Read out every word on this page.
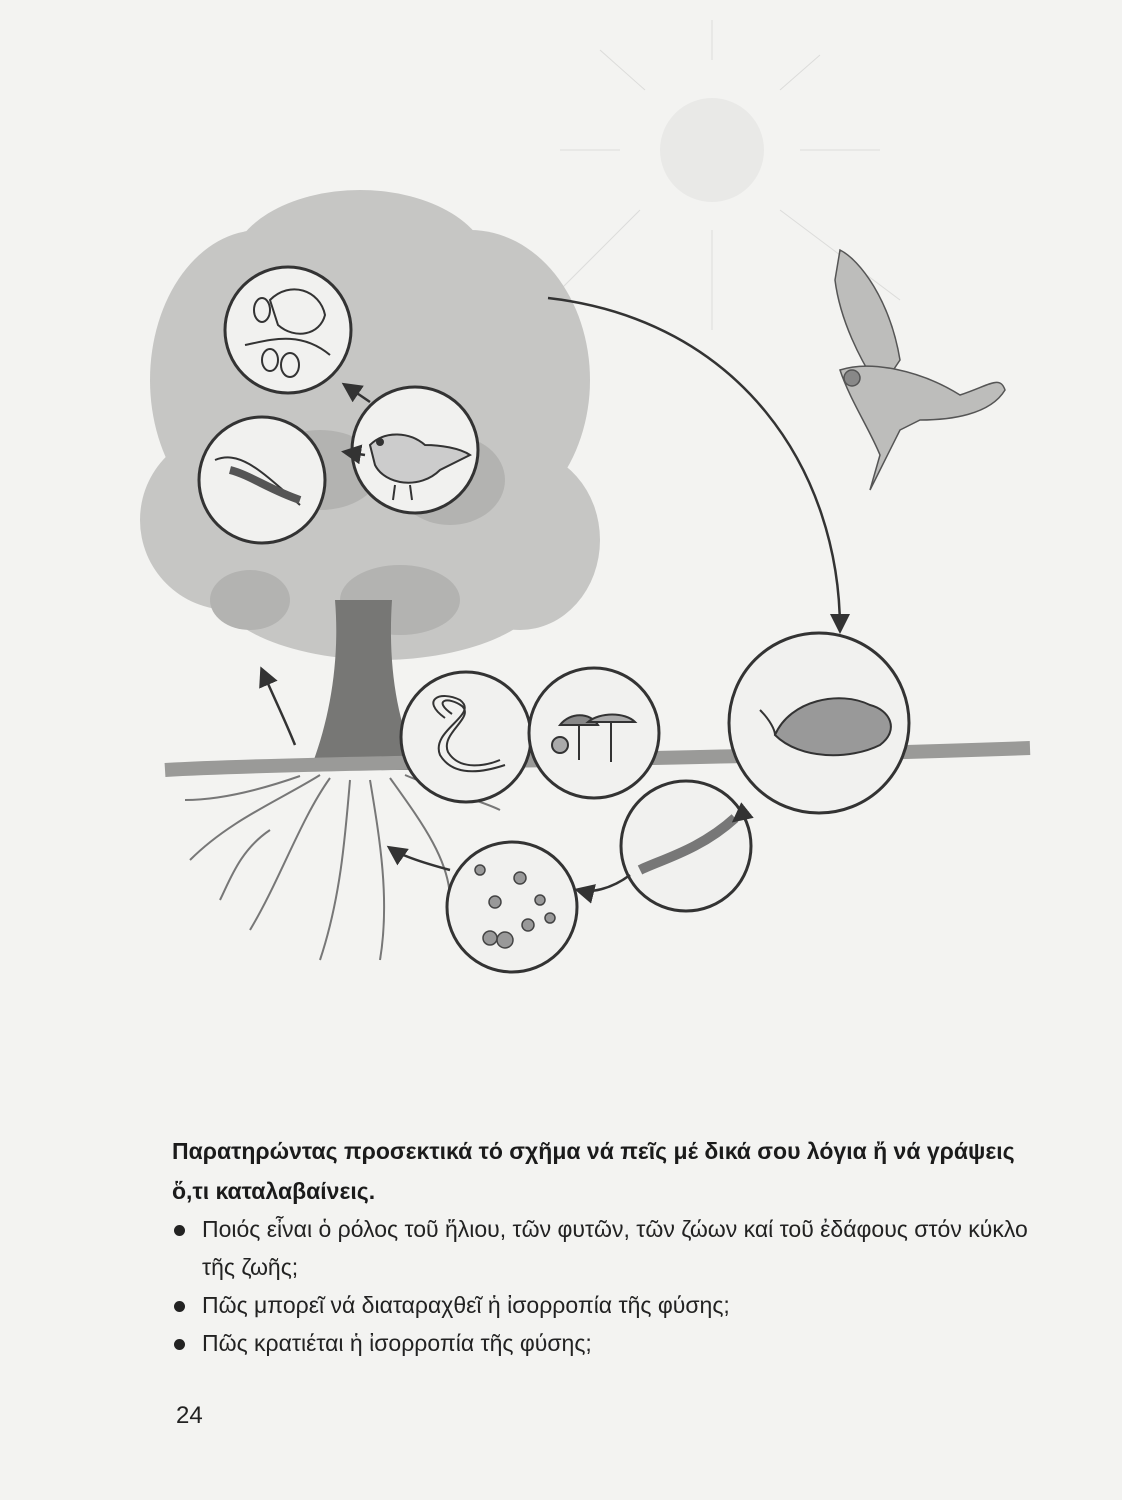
Παρατηρώντας προσεκτικά τό σχῆμα νά πεῖς μέ δικά σου λόγια ἤ νά γράψεις ὅ,τι καταλαβαίνεις.

Ποιός εἶναι ὁ ρόλος τοῦ ἥλιου, τῶν φυτῶν, τῶν ζώων καί τοῦ ἐδάφους στόν κύκλο τῆς ζωῆς;
Πῶς μπορεῖ νά διαταραχθεῖ ἡ ἰσορροπία τῆς φύσης;
Πῶς κρατιέται ἡ ἰσορροπία τῆς φύσης;
24
